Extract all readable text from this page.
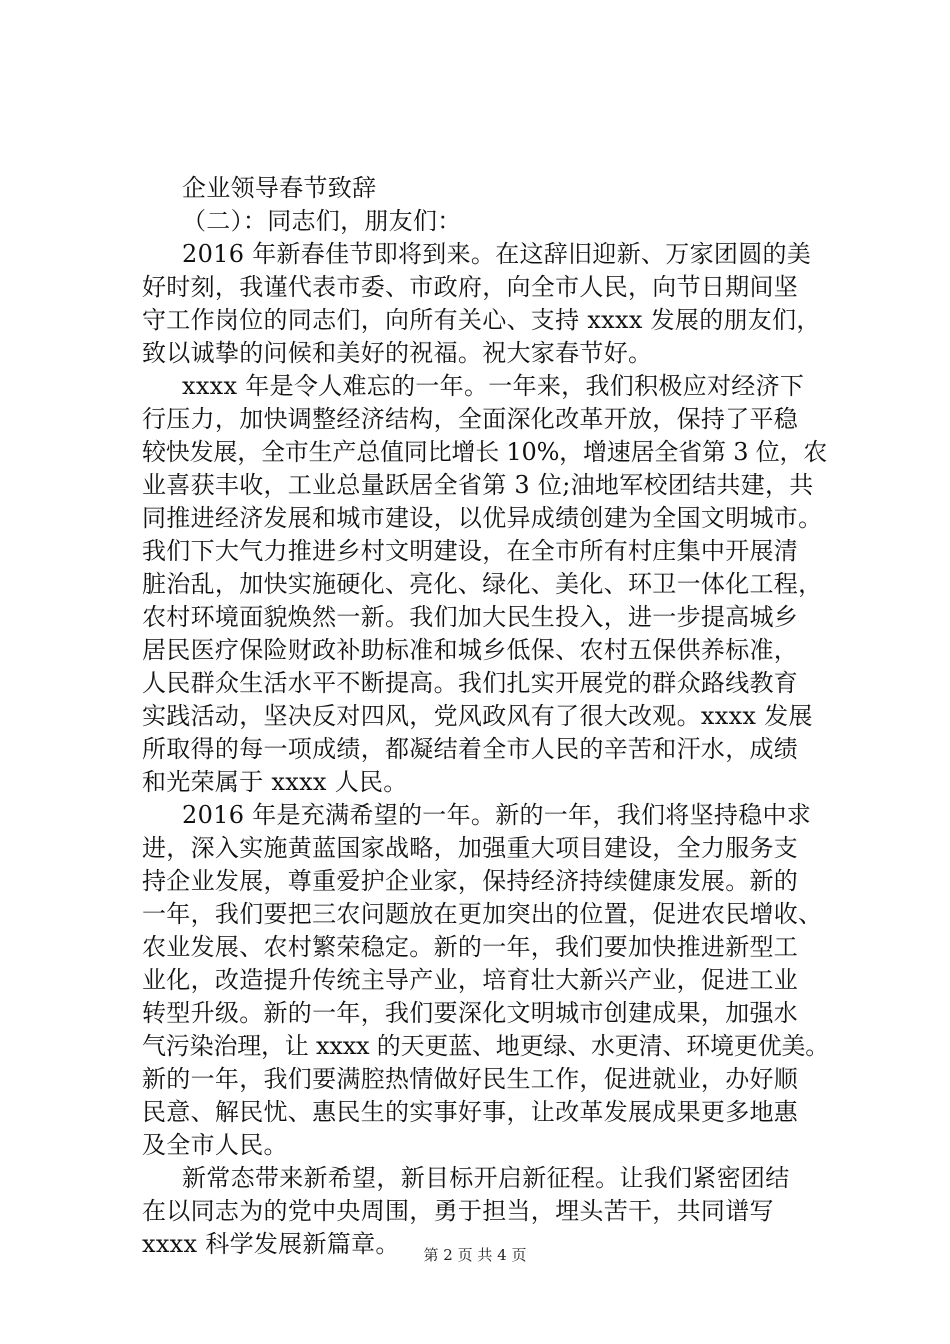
企业领导春节致辞
（二）：同志们，朋友们：
2016 年新春佳节即将到来。在这辞旧迎新、万家团圆的美
好时刻，我谨代表市委、市政府，向全市人民，向节日期间坚
守工作岗位的同志们，向所有关心、支持 xxxx 发展的朋友们，
致以诚挚的问候和美好的祝福。祝大家春节好。
xxxx 年是令人难忘的一年。一年来，我们积极应对经济下
行压力，加快调整经济结构，全面深化改革开放，保持了平稳
较快发展，全市生产总值同比增长 10%，增速居全省第 3 位，农
业喜获丰收，工业总量跃居全省第 3 位;油地军校团结共建，共
同推进经济发展和城市建设，以优异成绩创建为全国文明城市。
我们下大气力推进乡村文明建设，在全市所有村庄集中开展清
脏治乱，加快实施硬化、亮化、绿化、美化、环卫一体化工程，
农村环境面貌焕然一新。我们加大民生投入，进一步提高城乡
居民医疗保险财政补助标准和城乡低保、农村五保供养标准，
人民群众生活水平不断提高。我们扎实开展党的群众路线教育
实践活动，坚决反对四风，党风政风有了很大改观。xxxx 发展
所取得的每一项成绩，都凝结着全市人民的辛苦和汗水，成绩
和光荣属于 xxxx 人民。
2016 年是充满希望的一年。新的一年，我们将坚持稳中求
进，深入实施黄蓝国家战略，加强重大项目建设，全力服务支
持企业发展，尊重爱护企业家，保持经济持续健康发展。新的
一年，我们要把三农问题放在更加突出的位置，促进农民增收、
农业发展、农村繁荣稳定。新的一年，我们要加快推进新型工
业化，改造提升传统主导产业，培育壮大新兴产业，促进工业
转型升级。新的一年，我们要深化文明城市创建成果，加强水
气污染治理，让 xxxx 的天更蓝、地更绿、水更清、环境更优美。
新的一年，我们要满腔热情做好民生工作，促进就业，办好顺
民意、解民忧、惠民生的实事好事，让改革发展成果更多地惠
及全市人民。
新常态带来新希望，新目标开启新征程。让我们紧密团结
在以同志为的党中央周围，勇于担当，埋头苦干，共同谱写
xxxx 科学发展新篇章。	第 2 页 共 4 页
